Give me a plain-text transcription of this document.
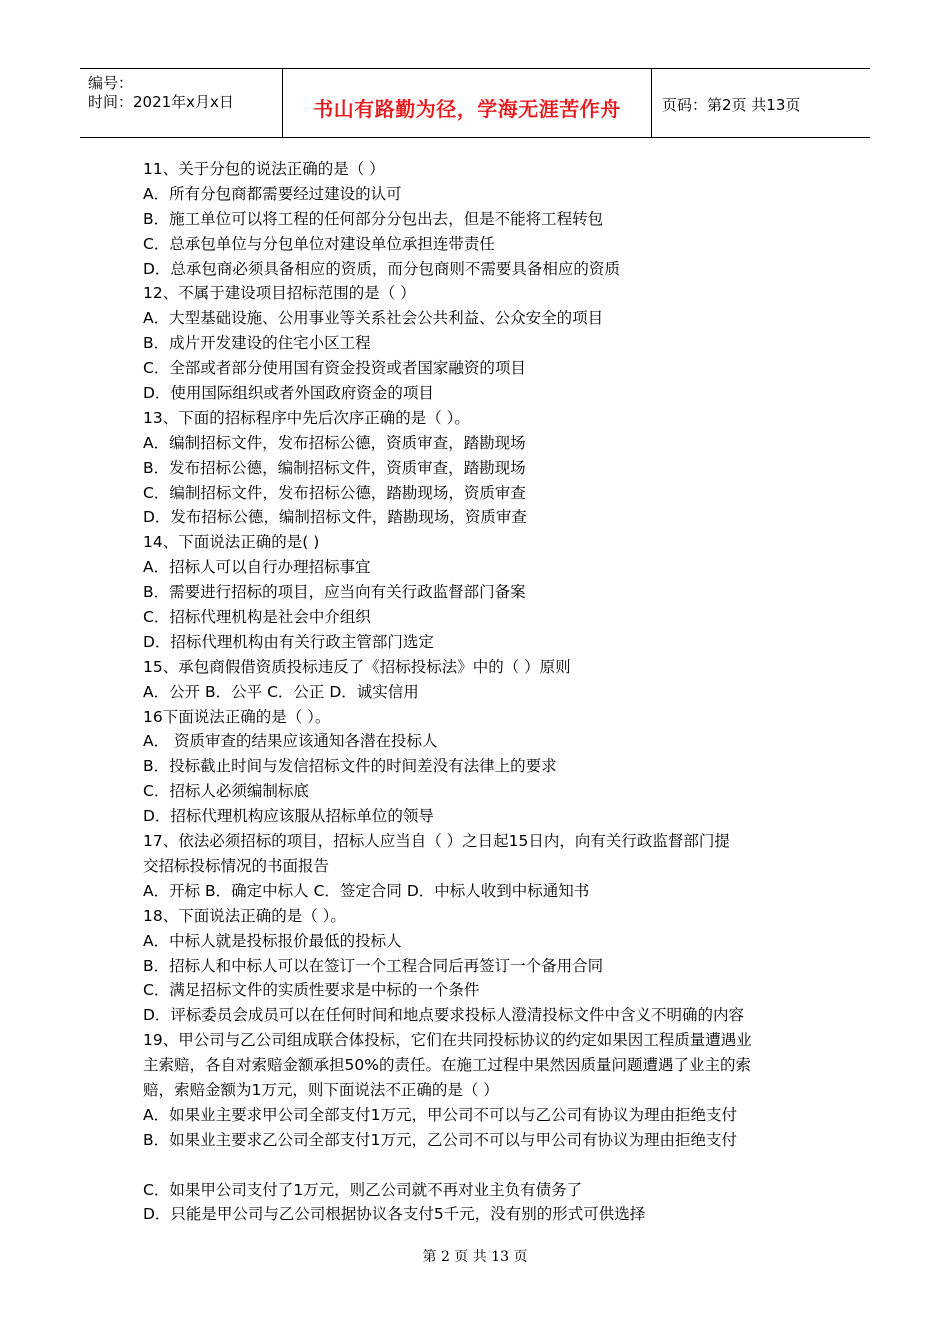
编号：
时间：2021年x月x日	书山有路勤为径，学海无涯苦作舟	页码：第2页 共13页
11、关于分包的说法正确的是（ ）
A．所有分包商都需要经过建设的认可
B．施工单位可以将工程的任何部分分包出去，但是不能将工程转包
C．总承包单位与分包单位对建设单位承担连带责任
D．总承包商必须具备相应的资质，而分包商则不需要具备相应的资质
12、不属于建设项目招标范围的是（ ）
A．大型基础设施、公用事业等关系社会公共利益、公众安全的项目
B．成片开发建设的住宅小区工程
C．全部或者部分使用国有资金投资或者国家融资的项目
D．使用国际组织或者外国政府资金的项目
13、下面的招标程序中先后次序正确的是（ ）。
A．编制招标文件，发布招标公德，资质审查，踏勘现场
B．发布招标公德，编制招标文件，资质审查，踏勘现场
C．编制招标文件，发布招标公德，踏勘现场，资质审查
D．发布招标公德，编制招标文件，踏勘现场，资质审查
14、下面说法正确的是( )
A．招标人可以自行办理招标事宜
B．需要进行招标的项目，应当向有关行政监督部门备案
C．招标代理机构是社会中介组织
D．招标代理机构由有关行政主管部门选定
15、承包商假借资质投标违反了《招标投标法》中的（ ）原则
A．公开 B．公平 C．公正 D．诚实信用
16下面说法正确的是（ ）。
A． 资质审查的结果应该通知各潜在投标人
B．投标截止时间与发信招标文件的时间差没有法律上的要求
C．招标人必须编制标底
D．招标代理机构应该服从招标单位的领导
17、依法必须招标的项目，招标人应当自（ ）之日起15日内，向有关行政监督部门提
交招标投标情况的书面报告
A．开标 B．确定中标人 C．签定合同 D．中标人收到中标通知书
18、下面说法正确的是（ ）。
A．中标人就是投标报价最低的投标人
B．招标人和中标人可以在签订一个工程合同后再签订一个备用合同
C．满足招标文件的实质性要求是中标的一个条件
D．评标委员会成员可以在任何时间和地点要求投标人澄清投标文件中含义不明确的内容
19、甲公司与乙公司组成联合体投标，它们在共同投标协议的约定如果因工程质量遭遇业
主索赔，各自对索赔金额承担50%的责任。在施工过程中果然因质量问题遭遇了业主的索
赔，索赔金额为1万元，则下面说法不正确的是（ ）
A．如果业主要求甲公司全部支付1万元，甲公司不可以与乙公司有协议为理由拒绝支付
B．如果业主要求乙公司全部支付1万元，乙公司不可以与甲公司有协议为理由拒绝支付
C．如果甲公司支付了1万元，则乙公司就不再对业主负有债务了
D．只能是甲公司与乙公司根据协议各支付5千元，没有别的形式可供选择
第 2 页 共 13 页
